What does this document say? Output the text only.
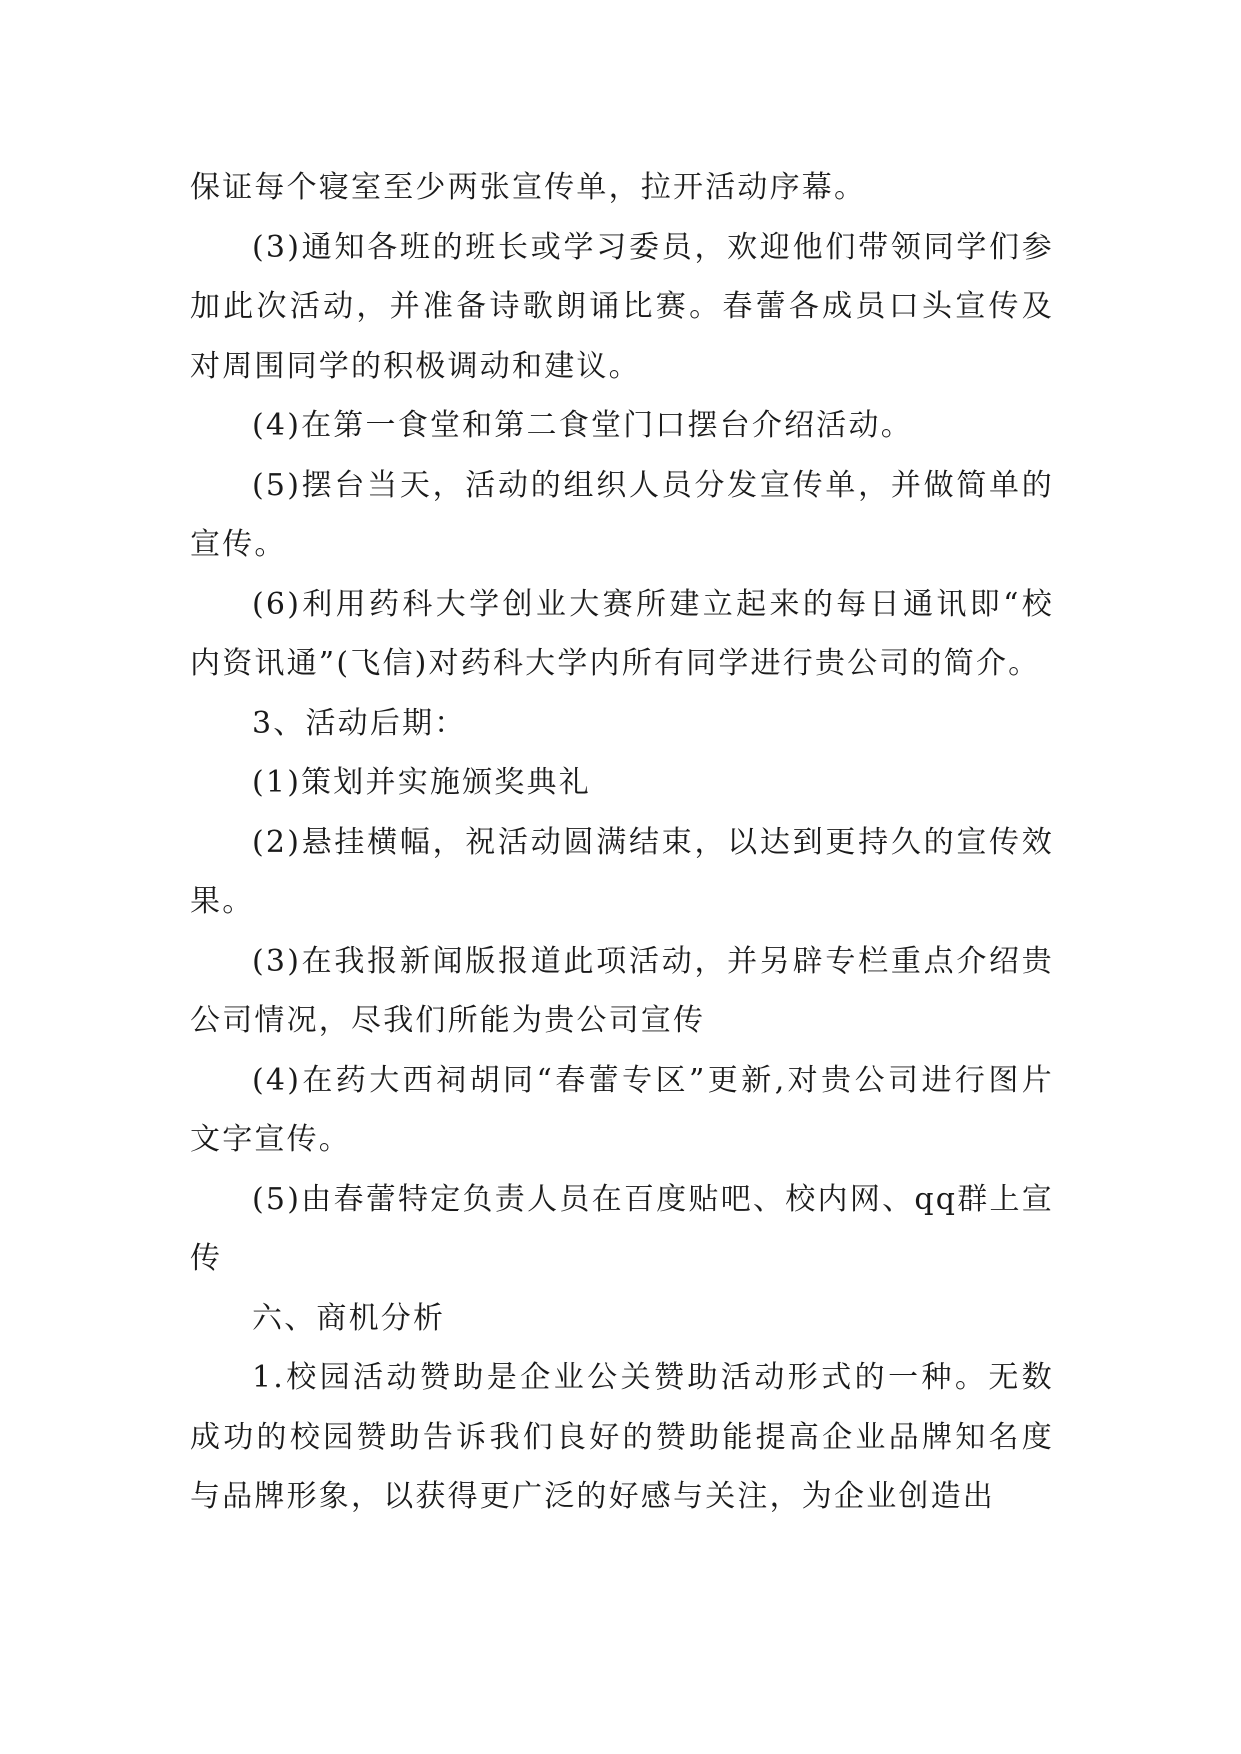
保证每个寝室至少两张宣传单，拉开活动序幕。

(3)通知各班的班长或学习委员，欢迎他们带领同学们参加此次活动，并准备诗歌朗诵比赛。春蕾各成员口头宣传及对周围同学的积极调动和建议。

(4)在第一食堂和第二食堂门口摆台介绍活动。

(5)摆台当天，活动的组织人员分发宣传单，并做简单的宣传。

(6)利用药科大学创业大赛所建立起来的每日通讯即“校内资讯通”(飞信)对药科大学内所有同学进行贵公司的简介。

3、活动后期：

(1)策划并实施颁奖典礼

(2)悬挂横幅，祝活动圆满结束，以达到更持久的宣传效果。

(3)在我报新闻版报道此项活动，并另辟专栏重点介绍贵公司情况，尽我们所能为贵公司宣传

(4)在药大西祠胡同“春蕾专区”更新,对贵公司进行图片文字宣传。

(5)由春蕾特定负责人员在百度贴吧、校内网、qq群上宣传

六、商机分析

1.校园活动赞助是企业公关赞助活动形式的一种。无数成功的校园赞助告诉我们良好的赞助能提高企业品牌知名度与品牌形象，以获得更广泛的好感与关注，为企业创造出
